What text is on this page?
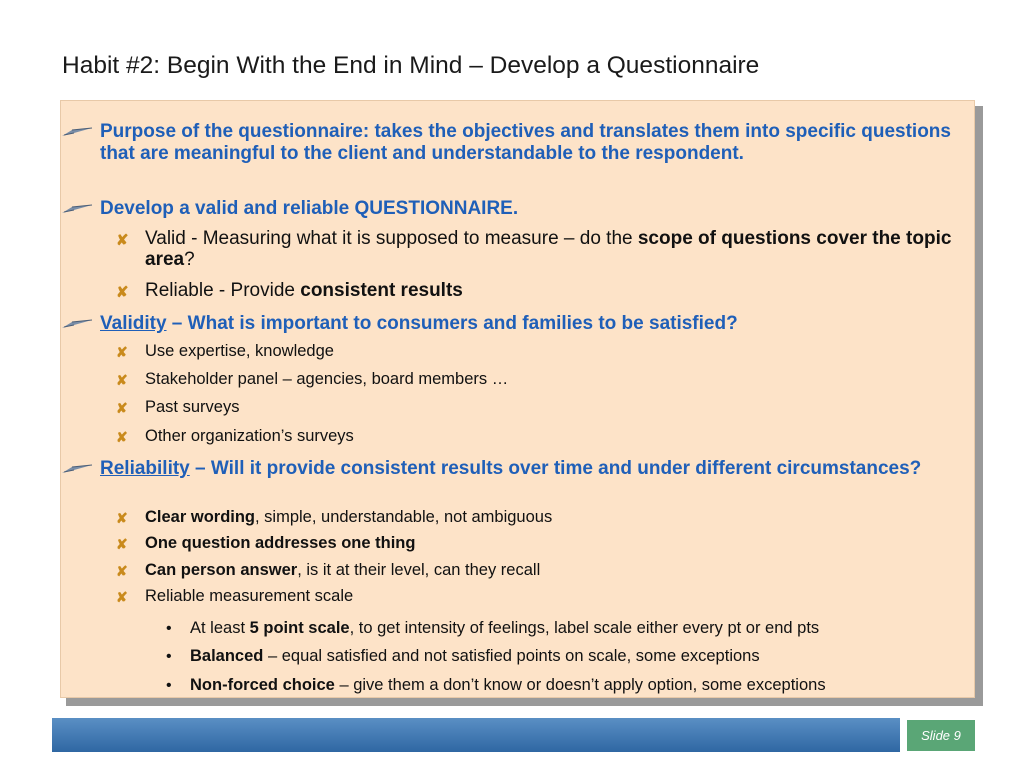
Habit #2: Begin With the End in Mind – Develop a Questionnaire
Purpose of the questionnaire: takes the objectives and translates them into specific questions that are meaningful to the client and understandable to the respondent.
Develop a valid and reliable QUESTIONNAIRE.
✘ Valid - Measuring what it is supposed to measure – do the scope of questions cover the topic area?
✘ Reliable - Provide consistent results
Validity – What is important to consumers and families to be satisfied?
✘ Use expertise, knowledge
✘ Stakeholder panel – agencies, board members …
✘ Past surveys
✘ Other organization’s surveys
Reliability – Will it provide consistent results over time and under different circumstances?
✘ Clear wording, simple, understandable, not ambiguous
✘ One question addresses one thing
✘ Can person answer, is it at their level, can they recall
✘ Reliable measurement scale
• At least 5 point scale, to get intensity of feelings, label scale either every pt or end pts
• Balanced – equal satisfied and not satisfied points on scale, some exceptions
• Non-forced choice – give them a don’t know or doesn’t apply option, some exceptions
Slide 9
